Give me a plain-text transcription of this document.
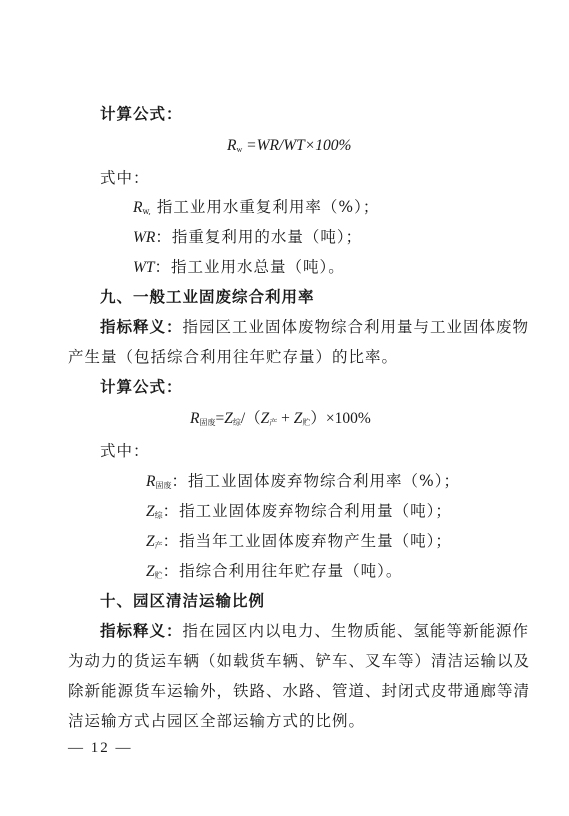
计算公式：
$R_w =WR/WT\times 100\%$
式中：
$R_{w,}$ 指工业用水重复利用率（%）；
WR：指重复利用的水量（吨）；
WT：指工业用水总量（吨）。
九、一般工业固废综合利用率
指标释义：指园区工业固体废物综合利用量与工业固体废物
产生量（包括综合利用往年贮存量）的比率。
计算公式：
$R_{固废}=Z_综/(Z_产 + Z_贮)\times 100\%$
式中：
$R_{固废}$：指工业固体废弃物综合利用率（%）；
$Z_综$：指工业固体废弃物综合利用量（吨）；
$Z_产$：指当年工业固体废弃物产生量（吨）；
$Z_贮$：指综合利用往年贮存量（吨）。
十、园区清洁运输比例
指标释义：指在园区内以电力、生物质能、氢能等新能源作
为动力的货运车辆（如载货车辆、铲车、叉车等）清洁运输以及
除新能源货车运输外，铁路、水路、管道、封闭式皮带通廊等清
洁运输方式占园区全部运输方式的比例。
— 12 —
